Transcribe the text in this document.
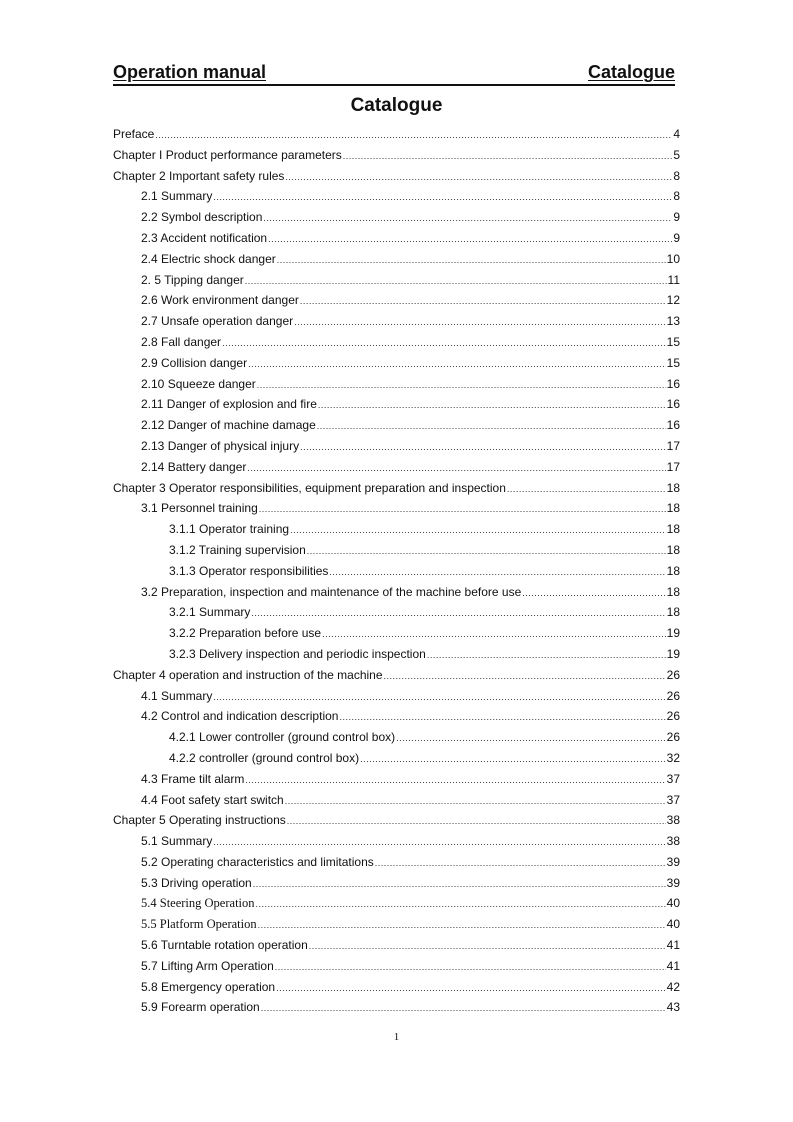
Operation manual	Catalogue
Catalogue
Preface .....	4
Chapter I Product performance parameters .....	5
Chapter 2 Important safety rules .....	8
2.1 Summary .....	8
2.2 Symbol description .....	9
2.3 Accident notification .....	9
2.4 Electric shock danger .....	10
2. 5 Tipping danger .....	11
2.6 Work environment danger .....	12
2.7 Unsafe operation danger .....	13
2.8 Fall danger .....	15
2.9 Collision danger .....	15
2.10 Squeeze danger .....	16
2.11 Danger of explosion and fire .....	16
2.12 Danger of machine damage .....	16
2.13 Danger of physical injury .....	17
2.14 Battery danger .....	17
Chapter 3 Operator responsibilities, equipment preparation and inspection .....	18
3.1 Personnel training .....	18
3.1.1 Operator training .....	18
3.1.2 Training supervision .....	18
3.1.3 Operator responsibilities .....	18
3.2 Preparation, inspection and maintenance of the machine before use .....	18
3.2.1 Summary .....	18
3.2.2 Preparation before use .....	19
3.2.3 Delivery inspection and periodic inspection .....	19
Chapter 4 operation and instruction of the machine .....	26
4.1 Summary .....	26
4.2 Control and indication description .....	26
4.2.1 Lower controller (ground control box) .....	26
4.2.2 controller (ground control box) .....	32
4.3 Frame tilt alarm .....	37
4.4 Foot safety start switch .....	37
Chapter 5 Operating instructions .....	38
5.1 Summary .....	38
5.2 Operating characteristics and limitations .....	39
5.3 Driving operation .....	39
5.4 Steering Operation .....	40
5.5 Platform Operation .....	40
5.6 Turntable rotation operation .....	41
5.7 Lifting Arm Operation .....	41
5.8 Emergency operation .....	42
5.9 Forearm operation .....	43
1
